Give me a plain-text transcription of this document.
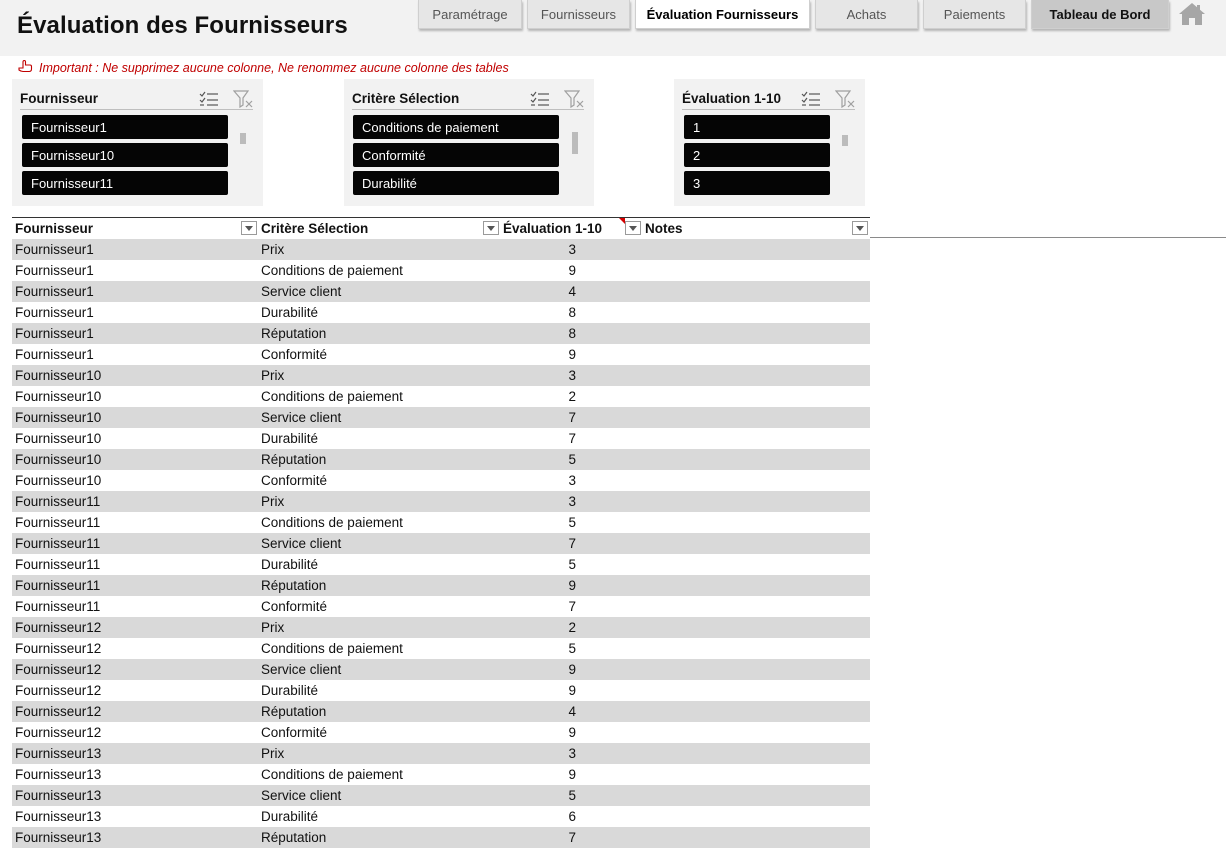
Évaluation des Fournisseurs	Paramétrage	Fournisseurs	Évaluation Fournisseurs	Achats	Paiements	Tableau de Bord
Important : Ne supprimez aucune colonne, Ne renommez aucune colonne des tables
Fournisseur
Fournisseur1
Fournisseur10
Fournisseur11
Critère Sélection
Conditions de paiement
Conformité
Durabilité
Évaluation 1-10
1
2
3
Fournisseur	Critère Sélection	Évaluation 1-10	Notes
Fournisseur1	Prix	3
Fournisseur1	Conditions de paiement	9
Fournisseur1	Service client	4
Fournisseur1	Durabilité	8
Fournisseur1	Réputation	8
Fournisseur1	Conformité	9
Fournisseur10	Prix	3
Fournisseur10	Conditions de paiement	2
Fournisseur10	Service client	7
Fournisseur10	Durabilité	7
Fournisseur10	Réputation	5
Fournisseur10	Conformité	3
Fournisseur11	Prix	3
Fournisseur11	Conditions de paiement	5
Fournisseur11	Service client	7
Fournisseur11	Durabilité	5
Fournisseur11	Réputation	9
Fournisseur11	Conformité	7
Fournisseur12	Prix	2
Fournisseur12	Conditions de paiement	5
Fournisseur12	Service client	9
Fournisseur12	Durabilité	9
Fournisseur12	Réputation	4
Fournisseur12	Conformité	9
Fournisseur13	Prix	3
Fournisseur13	Conditions de paiement	9
Fournisseur13	Service client	5
Fournisseur13	Durabilité	6
Fournisseur13	Réputation	7
